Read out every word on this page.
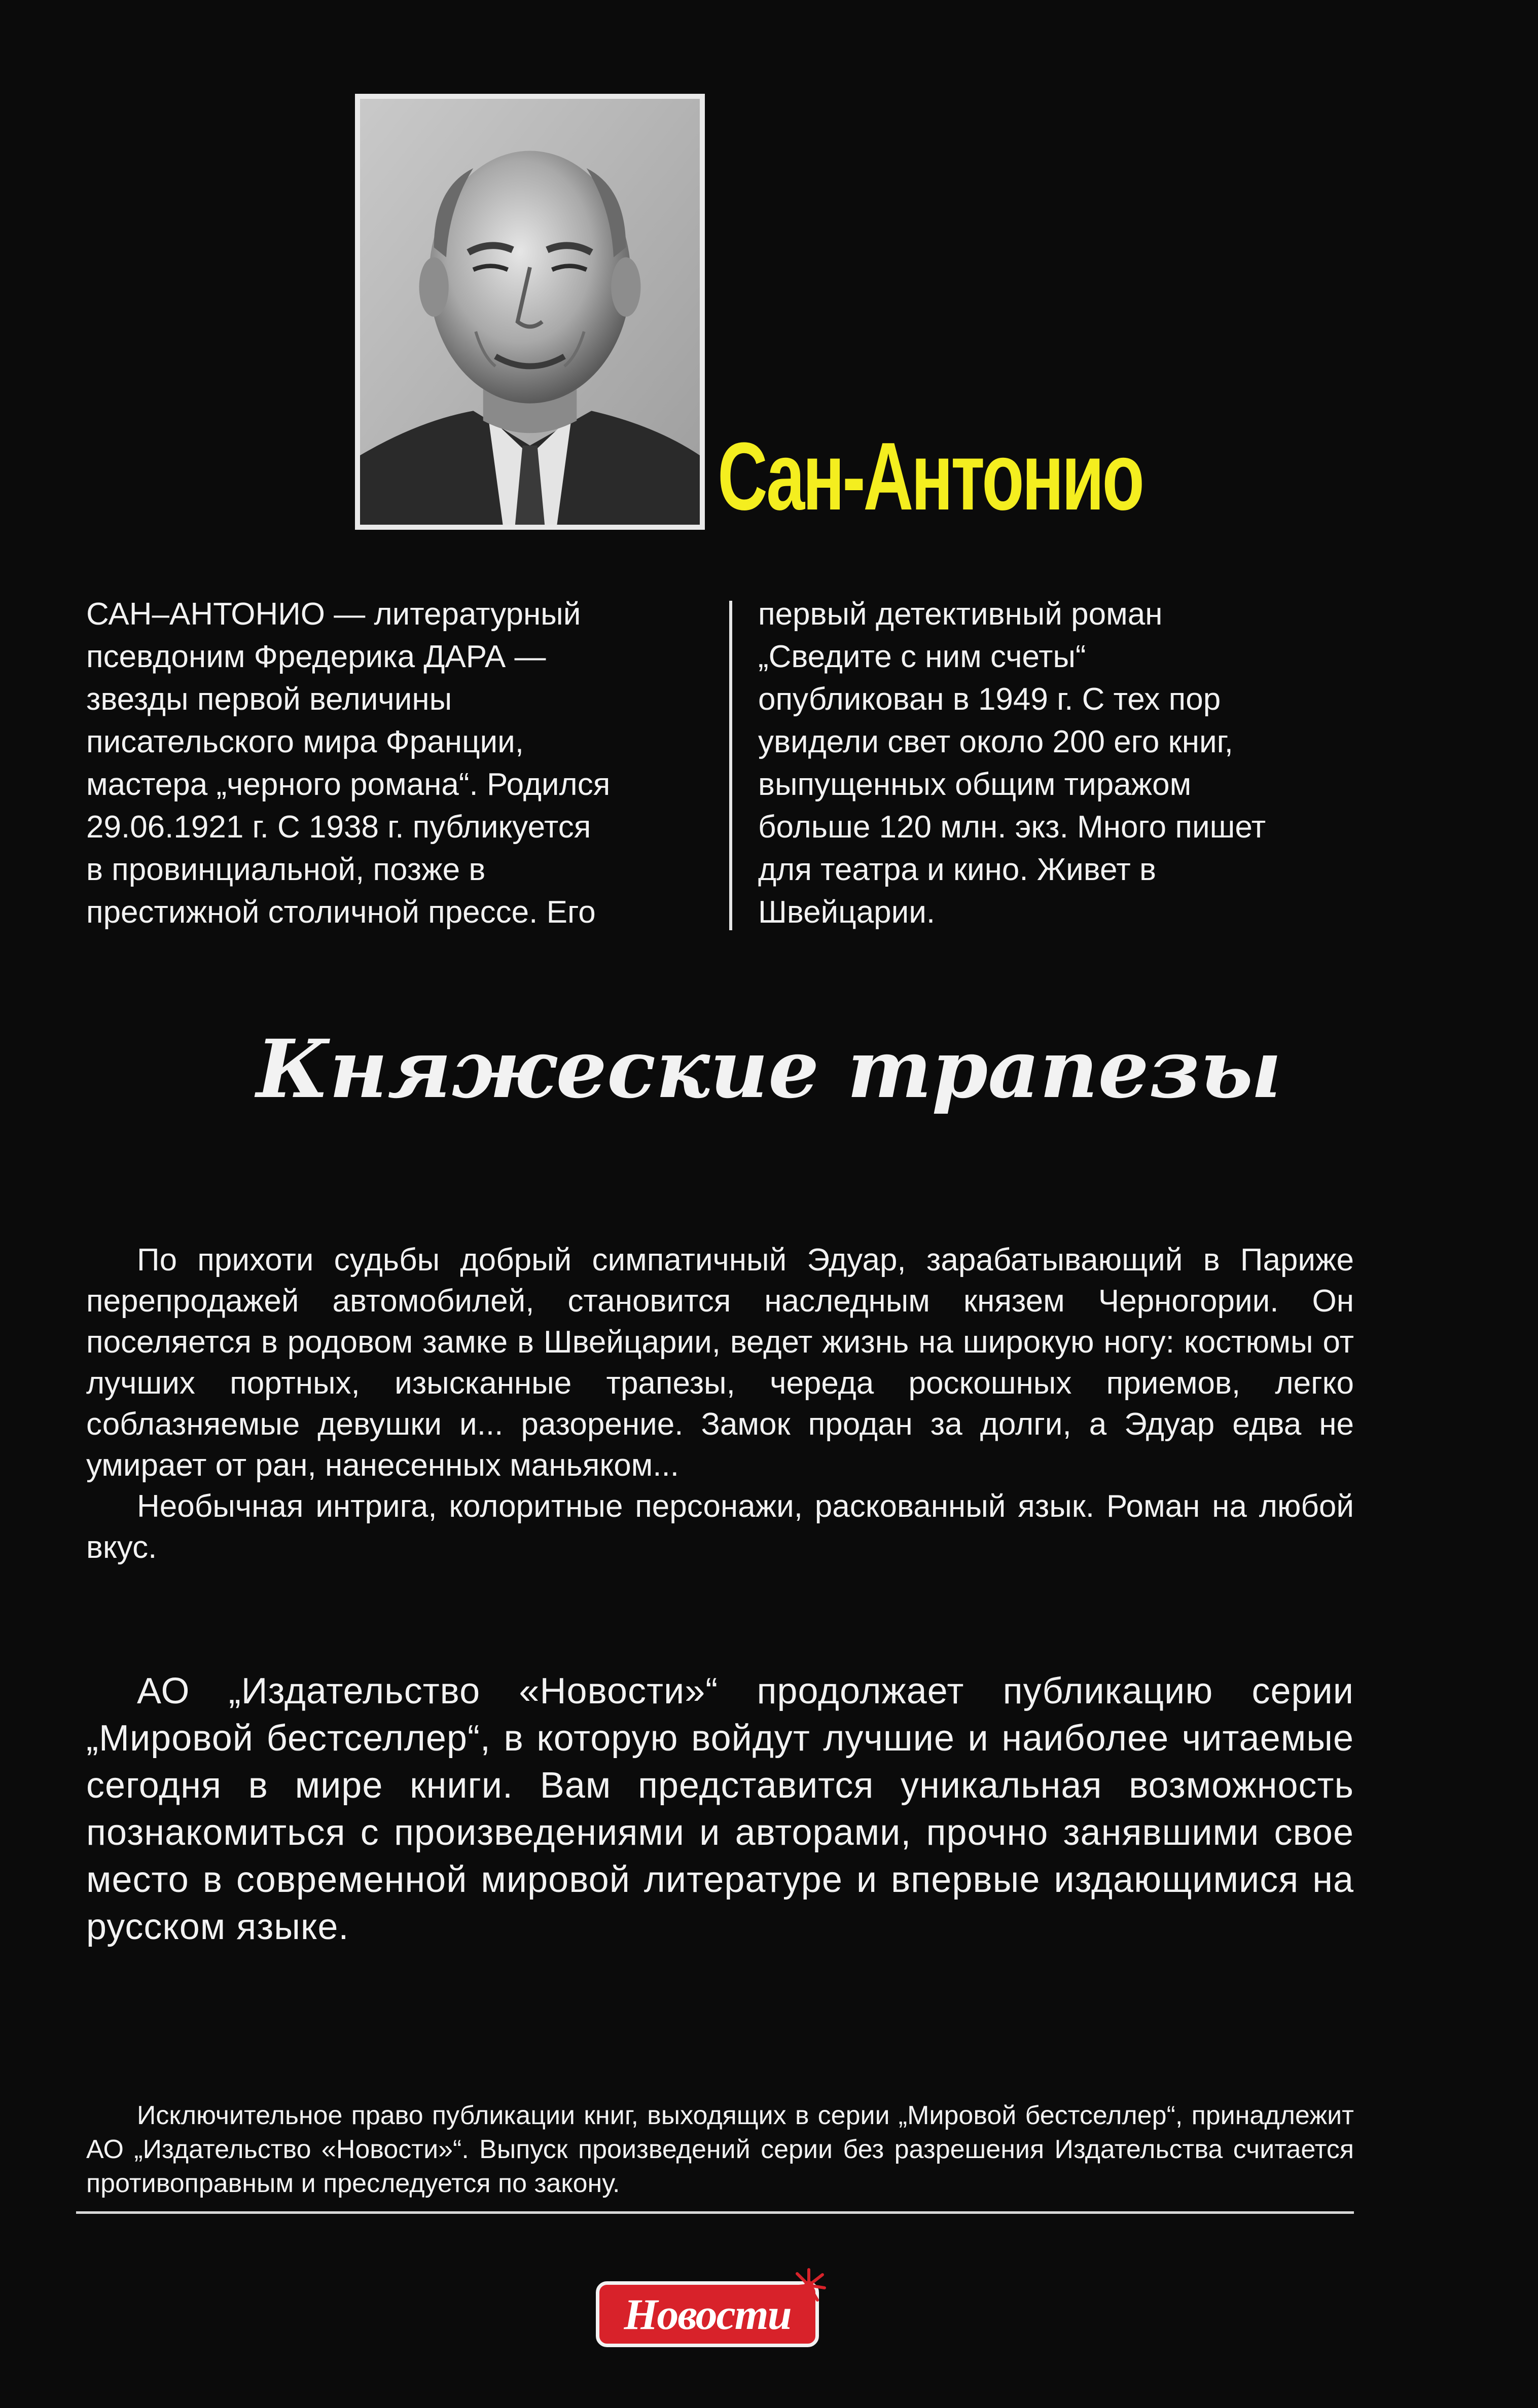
Сан-Антонио
САН–АНТОНИО — литературный
псевдоним Фредерика ДАРА —
звезды первой величины
писательского мира Франции,
мастера „черного романа“. Родился
29.06.1921 г. С 1938 г. публикуется
в провинциальной, позже в
престижной столичной прессе. Его
первый детективный роман
„Сведите с ним счеты“
опубликован в 1949 г. С тех пор
увидели свет около 200 его книг,
выпущенных общим тиражом
больше 120 млн. экз. Много пишет
для театра и кино. Живет в
Швейцарии.
Княжеские трапезы

По прихоти судьбы добрый симпатичный Эдуар, зарабатывающий в Париже перепродажей автомобилей, становится наследным князем Черногории. Он поселяется в родовом замке в Швейцарии, ведет жизнь на широкую ногу: костюмы от лучших портных, изысканные трапезы, череда роскошных приемов, легко соблазняемые девушки и... разорение. Замок продан за долги, а Эдуар едва не умирает от ран, нанесенных маньяком...

Необычная интрига, колоритные персонажи, раскованный язык. Роман на любой вкус.

АО „Издательство «Новости»“ продолжает публикацию серии „Мировой бестселлер“, в которую войдут лучшие и наиболее читаемые сегодня в мире книги. Вам представится уникальная возможность познакомиться с произведениями и авторами, прочно занявшими свое место в современной мировой литературе и впервые издающимися на русском языке.

Исключительное право публикации книг, выходящих в серии „Мировой бестселлер“, принадлежит АО „Издательство «Новости»“. Выпуск произведений серии без разрешения Издательства считается противоправным и преследуется по закону.

Новости
